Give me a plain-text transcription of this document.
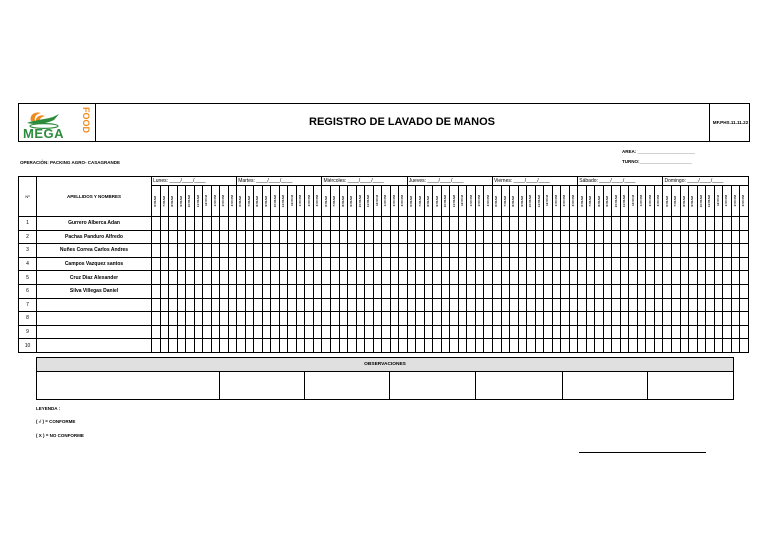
MEGA
FOOD	REGISTRO DE LAVADO DE MANOS	MF.PHS.11.11.22
AREA: _______________________
TURNO:_____________________
OPERACIÓN: PACKING AGRO- CASAGRANDE
Nº	APELLIDOS Y NOMBRES	Lunes: ____/____/____	Martes: ____/____/____	Miércoles: ____/____/____	Jueves: ____/____/____	Viernes: ____/____/____	Sábado: ____/____/____	Domingo: ____/____/____

6:00AM	7:00AM	8:00AM	9:00AM	10:00AM	11:00AM	12:00 M	1:00 PM	2:00 PM	3:00 PM	6:00AM	7:00AM	8:00AM	9:00AM	10:00AM	11:00AM	12:00 M	1:00 PM	2:00 PM	3:00 PM	6:00AM	7:00AM	8:00AM	9:00AM	10:00AM	11:00AM	12:00 M	1:00 PM	2:00 PM	3:00 PM	6:00AM	7:00AM	8:00AM	9:00AM	10:00AM	11:00AM	12:00 M	1:00 PM	2:00 PM	3:00 PM	6:00AM	7:00AM	8:00AM	9:00AM	10:00AM	11:00AM	12:00 M	1:00 PM	2:00 PM	3:00 PM	6:00AM	7:00AM	8:00AM	9:00AM	10:00AM	11:00AM	12:00 M	1:00 PM	2:00 PM	3:00 PM	6:00AM	7:00AM	8:00AM	9:00AM	10:00AM	11:00AM	12:00 M	1:00 PM	2:00 PM	3:00 PM

1	Gurrero Alberca Adan																																																																						
2	Pachas Panduro Alfredo																																																																						
3	Nuñes Correa Carlos Andres																																																																						
4	Campos Vazquez santos																																																																						
5	Cruz Diaz Alexander																																																																						
6	Silva Villegas Daniel																																																																						
7																																																																							
8																																																																							
9																																																																							
10																																																																							
OBSERVACIONES

LEYENDA :
( √ ) = CONFORME
( X ) = NO CONFORME
